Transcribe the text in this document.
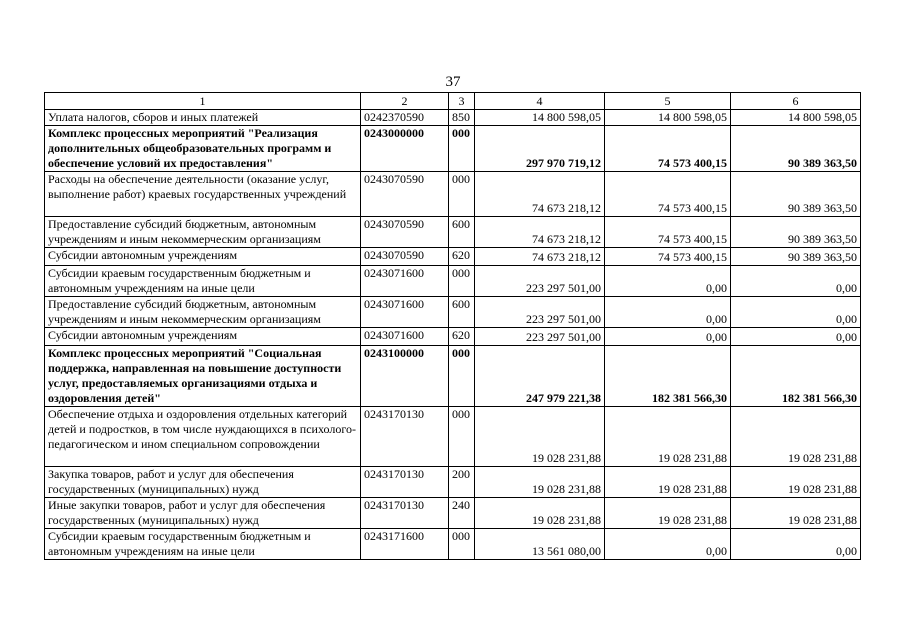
37
1	2	3	4	5	6
Уплата налогов, сборов и иных платежей	0242370590	850	14 800 598,05	14 800 598,05	14 800 598,05
Комплекс процессных мероприятий "Реализация дополнительных общеобразовательных программ и обеспечение условий их предоставления"	0243000000	000	297 970 719,12	74 573 400,15	90 389 363,50
Расходы на обеспечение деятельности (оказание услуг, выполнение работ) краевых государственных учреждений	0243070590	000	74 673 218,12	74 573 400,15	90 389 363,50
Предоставление субсидий бюджетным, автономным учреждениям и иным некоммерческим организациям	0243070590	600	74 673 218,12	74 573 400,15	90 389 363,50
Субсидии автономным учреждениям	0243070590	620	74 673 218,12	74 573 400,15	90 389 363,50
Субсидии краевым государственным бюджетным и автономным учреждениям на иные цели	0243071600	000	223 297 501,00	0,00	0,00
Предоставление субсидий бюджетным, автономным учреждениям и иным некоммерческим организациям	0243071600	600	223 297 501,00	0,00	0,00
Субсидии автономным учреждениям	0243071600	620	223 297 501,00	0,00	0,00
Комплекс процессных мероприятий "Социальная поддержка, направленная на повышение доступности услуг, предоставляемых организациями отдыха и оздоровления детей"	0243100000	000	247 979 221,38	182 381 566,30	182 381 566,30
Обеспечение отдыха и оздоровления отдельных категорий детей и подростков, в том числе нуждающихся в психолого-педагогическом и ином специальном сопровождении	0243170130	000	19 028 231,88	19 028 231,88	19 028 231,88
Закупка товаров, работ и услуг для обеспечения государственных (муниципальных) нужд	0243170130	200	19 028 231,88	19 028 231,88	19 028 231,88
Иные закупки товаров, работ и услуг для обеспечения государственных (муниципальных) нужд	0243170130	240	19 028 231,88	19 028 231,88	19 028 231,88
Субсидии краевым государственным бюджетным и автономным учреждениям на иные цели	0243171600	000	13 561 080,00	0,00	0,00
